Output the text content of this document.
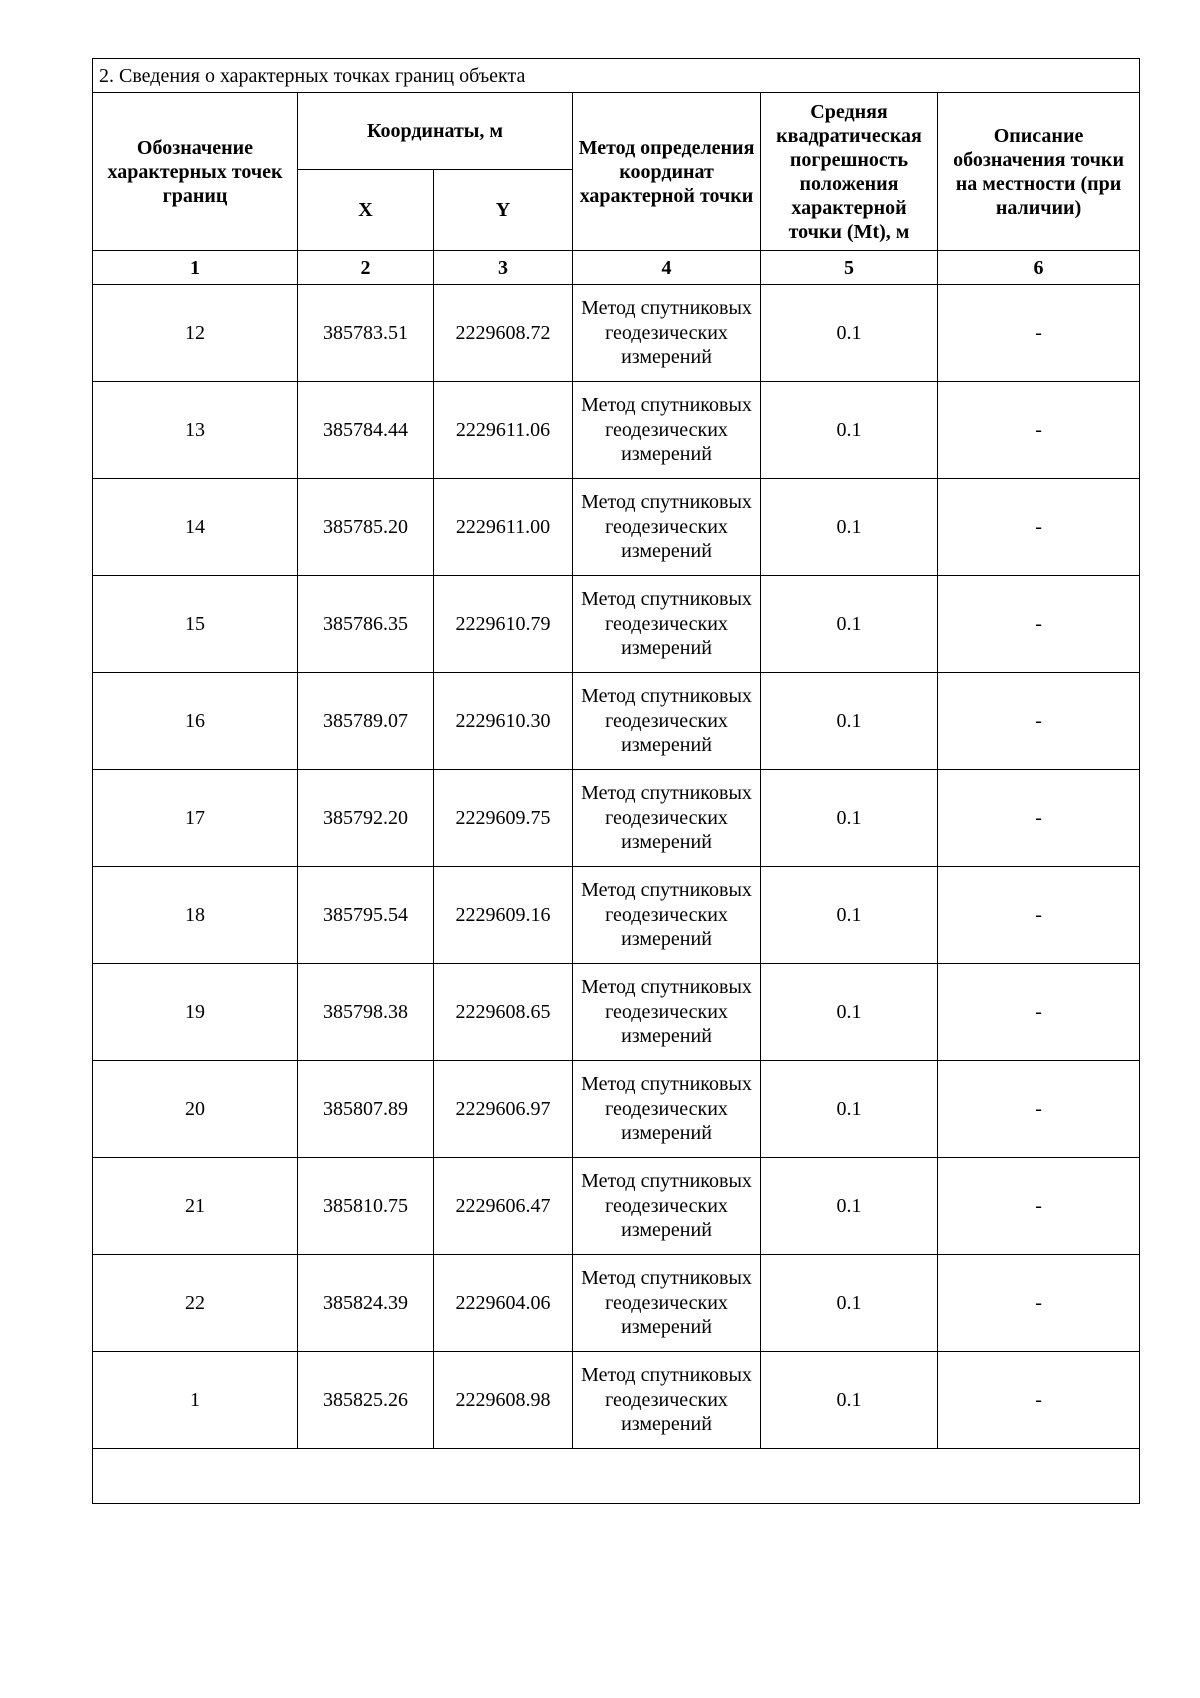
2. Сведения о характерных точках границ объекта					
Обозначение характерных точек границ	Координаты, м		Метод определения координат характерной точки	Средняя квадратическая погрешность положения характерной точки (Mt), м	Описание обозначения точки на местности (при наличии)
	X	Y			
1	2	3	4	5	6
12	385783.51	2229608.72	Метод спутниковых геодезических измерений	0.1	-
13	385784.44	2229611.06	Метод спутниковых геодезических измерений	0.1	-
14	385785.20	2229611.00	Метод спутниковых геодезических измерений	0.1	-
15	385786.35	2229610.79	Метод спутниковых геодезических измерений	0.1	-
16	385789.07	2229610.30	Метод спутниковых геодезических измерений	0.1	-
17	385792.20	2229609.75	Метод спутниковых геодезических измерений	0.1	-
18	385795.54	2229609.16	Метод спутниковых геодезических измерений	0.1	-
19	385798.38	2229608.65	Метод спутниковых геодезических измерений	0.1	-
20	385807.89	2229606.97	Метод спутниковых геодезических измерений	0.1	-
21	385810.75	2229606.47	Метод спутниковых геодезических измерений	0.1	-
22	385824.39	2229604.06	Метод спутниковых геодезических измерений	0.1	-
1	385825.26	2229608.98	Метод спутниковых геодезических измерений	0.1	-
